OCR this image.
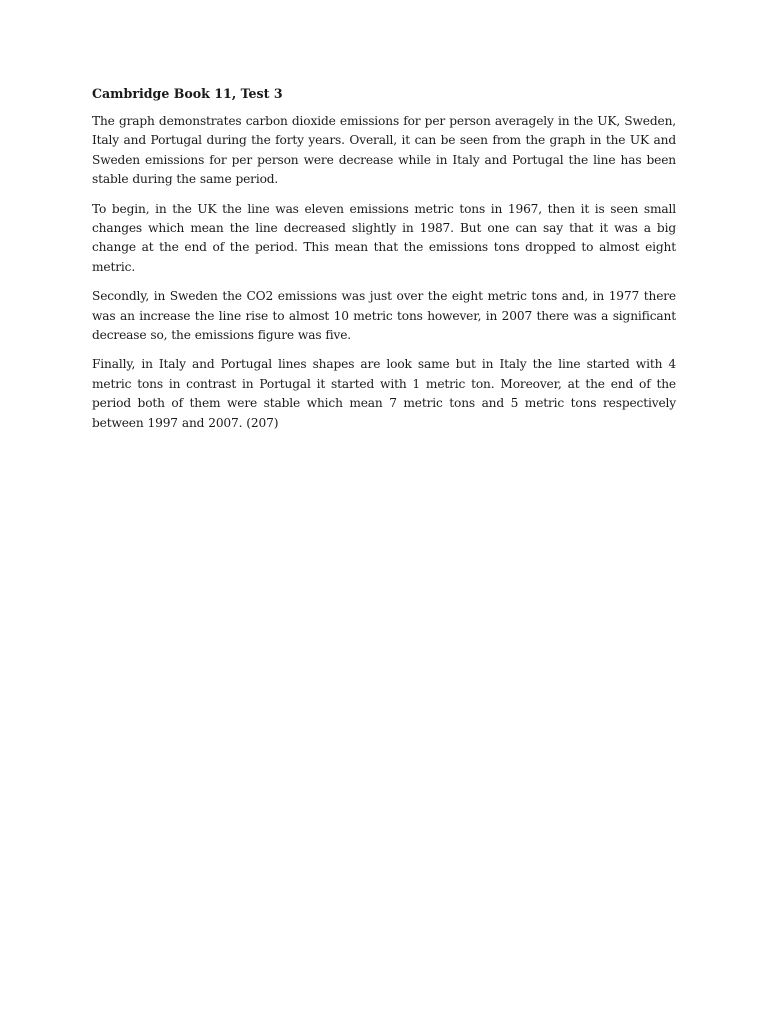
Cambridge Book 11, Test 3

The graph demonstrates carbon dioxide emissions for per person averagely in the UK, Sweden, Italy and Portugal during the forty years. Overall, it can be seen from the graph in the UK and Sweden emissions for per person were decrease while in Italy and Portugal the line has been stable during the same period.

To begin, in the UK the line was eleven emissions metric tons in 1967, then it is seen small changes which mean the line decreased slightly in 1987. But one can say that it was a big change at the end of the period. This mean that the emissions tons dropped to almost eight metric.

Secondly, in Sweden the CO2 emissions was just over the eight metric tons and, in 1977 there was an increase the line rise to almost 10 metric tons however, in 2007 there was a significant decrease so, the emissions figure was five.

Finally, in Italy and Portugal lines shapes are look same but in Italy the line started with 4 metric tons in contrast in Portugal it started with 1 metric ton. Moreover, at the end of the period both of them were stable which mean 7 metric tons and 5 metric tons respectively between 1997 and 2007. (207)
